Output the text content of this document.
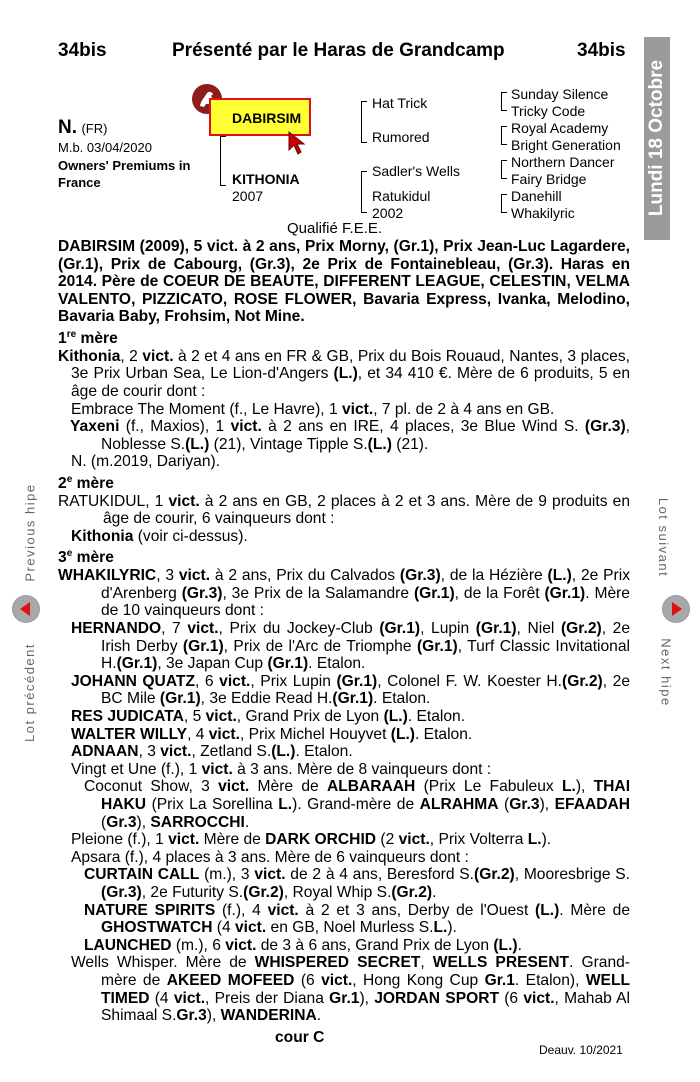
34bis	Présenté par le Haras de Grandcamp	34bis
Lundi 18 Octobre
N. (FR)
M.b. 03/04/2020
Owners' Premiums in France
DABIRSIM
KITHONIA
2007
Hat Trick
Rumored
Sadler's Wells
Ratukidul
2002
Sunday Silence
Tricky Code
Royal Academy
Bright Generation
Northern Dancer
Fairy Bridge
Danehill
Whakilyric
Qualifié F.E.E.

DABIRSIM (2009), 5 vict. à 2 ans, Prix Morny, (Gr.1), Prix Jean-Luc Lagardere, (Gr.1), Prix de Cabourg, (Gr.3), 2e Prix de Fontainebleau, (Gr.3). Haras en 2014. Père de COEUR DE BEAUTE, DIFFERENT LEAGUE, CELESTIN, VELMA VALENTO, PIZZICATO, ROSE FLOWER, Bavaria Express, Ivanka, Melodino, Bavaria Baby, Frohsim, Not Mine.

1re mère

Kithonia, 2 vict. à 2 et 4 ans en FR & GB, Prix du Bois Rouaud, Nantes, 3 places, 3e Prix Urban Sea, Le Lion-d'Angers (L.), et 34 410 €. Mère de 6 produits, 5 en âge de courir dont :

Embrace The Moment (f., Le Havre), 1 vict., 7 pl. de 2 à 4 ans en GB.

Yaxeni (f., Maxios), 1 vict. à 2 ans en IRE, 4 places, 3e Blue Wind S. (Gr.3), Noblesse S.(L.) (21), Vintage Tipple S.(L.) (21).

N. (m.2019, Dariyan).

2e mère

RATUKIDUL, 1 vict. à 2 ans en GB, 2 places à 2 et 3 ans. Mère de 9 produits en âge de courir, 6 vainqueurs dont :

Kithonia (voir ci-dessus).

3e mère

WHAKILYRIC, 3 vict. à 2 ans, Prix du Calvados (Gr.3), de la Hézière (L.), 2e Prix d'Arenberg (Gr.3), 3e Prix de la Salamandre (Gr.1), de la Forêt (Gr.1). Mère de 10 vainqueurs dont :

HERNANDO, 7 vict., Prix du Jockey-Club (Gr.1), Lupin (Gr.1), Niel (Gr.2), 2e Irish Derby (Gr.1), Prix de l'Arc de Triomphe (Gr.1), Turf Classic Invitational H.(Gr.1), 3e Japan Cup (Gr.1). Etalon.

JOHANN QUATZ, 6 vict., Prix Lupin (Gr.1), Colonel F. W. Koester H.(Gr.2), 2e BC Mile (Gr.1), 3e Eddie Read H.(Gr.1). Etalon.

RES JUDICATA, 5 vict., Grand Prix de Lyon (L.). Etalon.

WALTER WILLY, 4 vict., Prix Michel Houyvet (L.). Etalon.

ADNAAN, 3 vict., Zetland S.(L.). Etalon.

Vingt et Une (f.), 1 vict. à 3 ans. Mère de 8 vainqueurs dont :

Coconut Show, 3 vict. Mère de ALBARAAH (Prix Le Fabuleux L.), THAI HAKU (Prix La Sorellina L.). Grand-mère de ALRAHMA (Gr.3), EFAADAH (Gr.3), SARROCCHI.

Pleione (f.), 1 vict. Mère de DARK ORCHID (2 vict., Prix Volterra L.).

Apsara (f.), 4 places à 3 ans. Mère de 6 vainqueurs dont :

CURTAIN CALL (m.), 3 vict. de 2 à 4 ans, Beresford S.(Gr.2), Mooresbrige S.(Gr.3), 2e Futurity S.(Gr.2), Royal Whip S.(Gr.2).

NATURE SPIRITS (f.), 4 vict. à 2 et 3 ans, Derby de l'Ouest (L.). Mère de GHOSTWATCH (4 vict. en GB, Noel Murless S.L.).

LAUNCHED (m.), 6 vict. de 3 à 6 ans, Grand Prix de Lyon (L.).

Wells Whisper. Mère de WHISPERED SECRET, WELLS PRESENT. Grand-mère de AKEED MOFEED (6 vict., Hong Kong Cup Gr.1. Etalon), WELL TIMED (4 vict., Preis der Diana Gr.1), JORDAN SPORT (6 vict., Mahab Al Shimaal S.Gr.3), WANDERINA.

cour C
Deauv. 10/2021
Previous hipe
Lot précédent
Lot suivant
Next hipe
